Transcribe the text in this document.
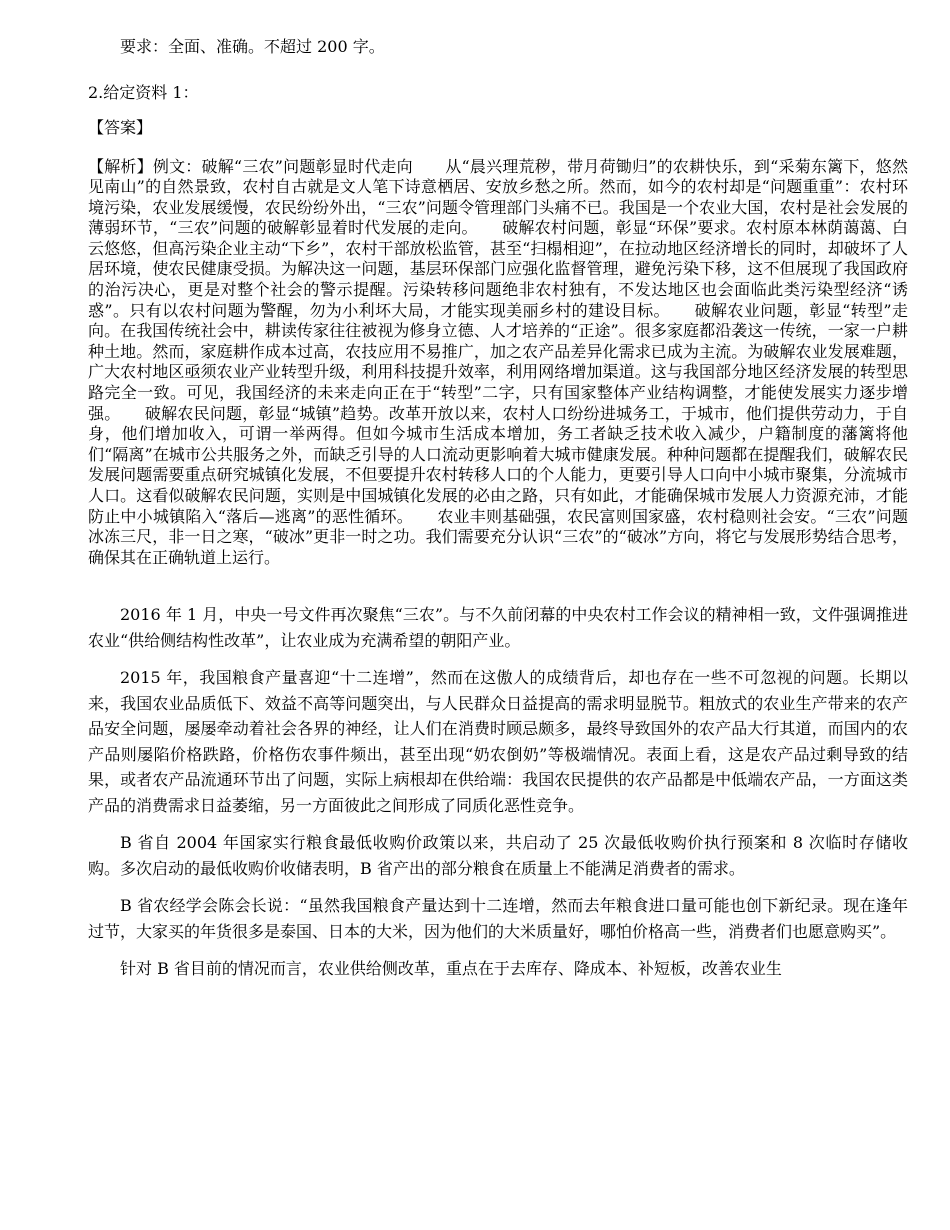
要求：全面、准确。不超过 200 字。

2.给定资料 1：

【答案】

【解析】例文：破解“三农”问题彰显时代走向　　从“晨兴理荒秽，带月荷锄归”的农耕快乐，到“采菊东篱下，悠然见南山”的自然景致，农村自古就是文人笔下诗意栖居、安放乡愁之所。然而，如今的农村却是“问题重重”：农村环境污染，农业发展缓慢，农民纷纷外出，“三农”问题令管理部门头痛不已。我国是一个农业大国，农村是社会发展的薄弱环节，“三农”问题的破解彰显着时代发展的走向。　　破解农村问题，彰显“环保”要求。农村原本林荫蔼蔼、白云悠悠，但高污染企业主动“下乡”，农村干部放松监管，甚至“扫榻相迎”，在拉动地区经济增长的同时，却破坏了人居环境，使农民健康受损。为解决这一问题，基层环保部门应强化监督管理，避免污染下移，这不但展现了我国政府的治污决心，更是对整个社会的警示提醒。污染转移问题绝非农村独有，不发达地区也会面临此类污染型经济“诱惑”。只有以农村问题为警醒，勿为小利坏大局，才能实现美丽乡村的建设目标。　　破解农业问题，彰显“转型”走向。在我国传统社会中，耕读传家往往被视为修身立德、人才培养的“正途”。很多家庭都沿袭这一传统，一家一户耕种土地。然而，家庭耕作成本过高，农技应用不易推广，加之农产品差异化需求已成为主流。为破解农业发展难题，广大农村地区亟须农业产业转型升级，利用科技提升效率，利用网络增加渠道。这与我国部分地区经济发展的转型思路完全一致。可见，我国经济的未来走向正在于“转型”二字，只有国家整体产业结构调整，才能使发展实力逐步增强。　　破解农民问题，彰显“城镇”趋势。改革开放以来，农村人口纷纷进城务工，于城市，他们提供劳动力，于自身，他们增加收入，可谓一举两得。但如今城市生活成本增加，务工者缺乏技术收入减少，户籍制度的藩篱将他们“隔离”在城市公共服务之外，而缺乏引导的人口流动更影响着大城市健康发展。种种问题都在提醒我们，破解农民发展问题需要重点研究城镇化发展，不但要提升农村转移人口的个人能力，更要引导人口向中小城市聚集，分流城市人口。这看似破解农民问题，实则是中国城镇化发展的必由之路，只有如此，才能确保城市发展人力资源充沛，才能防止中小城镇陷入“落后—逃离”的恶性循环。　　农业丰则基础强，农民富则国家盛，农村稳则社会安。“三农”问题冰冻三尺，非一日之寒，“破冰”更非一时之功。我们需要充分认识“三农”的“破冰”方向，将它与发展形势结合思考，确保其在正确轨道上运行。

2016 年 1 月，中央一号文件再次聚焦“三农”。与不久前闭幕的中央农村工作会议的精神相一致，文件强调推进农业“供给侧结构性改革”，让农业成为充满希望的朝阳产业。

2015 年，我国粮食产量喜迎“十二连增”，然而在这傲人的成绩背后，却也存在一些不可忽视的问题。长期以来，我国农业品质低下、效益不高等问题突出，与人民群众日益提高的需求明显脱节。粗放式的农业生产带来的农产品安全问题，屡屡牵动着社会各界的神经，让人们在消费时顾忌颇多，最终导致国外的农产品大行其道，而国内的农产品则屡陷价格跌路，价格伤农事件频出，甚至出现“奶农倒奶”等极端情况。表面上看，这是农产品过剩导致的结果，或者农产品流通环节出了问题，实际上病根却在供给端：我国农民提供的农产品都是中低端农产品，一方面这类产品的消费需求日益萎缩，另一方面彼此之间形成了同质化恶性竞争。

B 省自 2004 年国家实行粮食最低收购价政策以来，共启动了 25 次最低收购价执行预案和 8 次临时存储收购。多次启动的最低收购价收储表明，B 省产出的部分粮食在质量上不能满足消费者的需求。

B 省农经学会陈会长说：“虽然我国粮食产量达到十二连增，然而去年粮食进口量可能也创下新纪录。现在逢年过节，大家买的年货很多是泰国、日本的大米，因为他们的大米质量好，哪怕价格高一些，消费者们也愿意购买”。

针对 B 省目前的情况而言，农业供给侧改革，重点在于去库存、降成本、补短板，改善农业生
